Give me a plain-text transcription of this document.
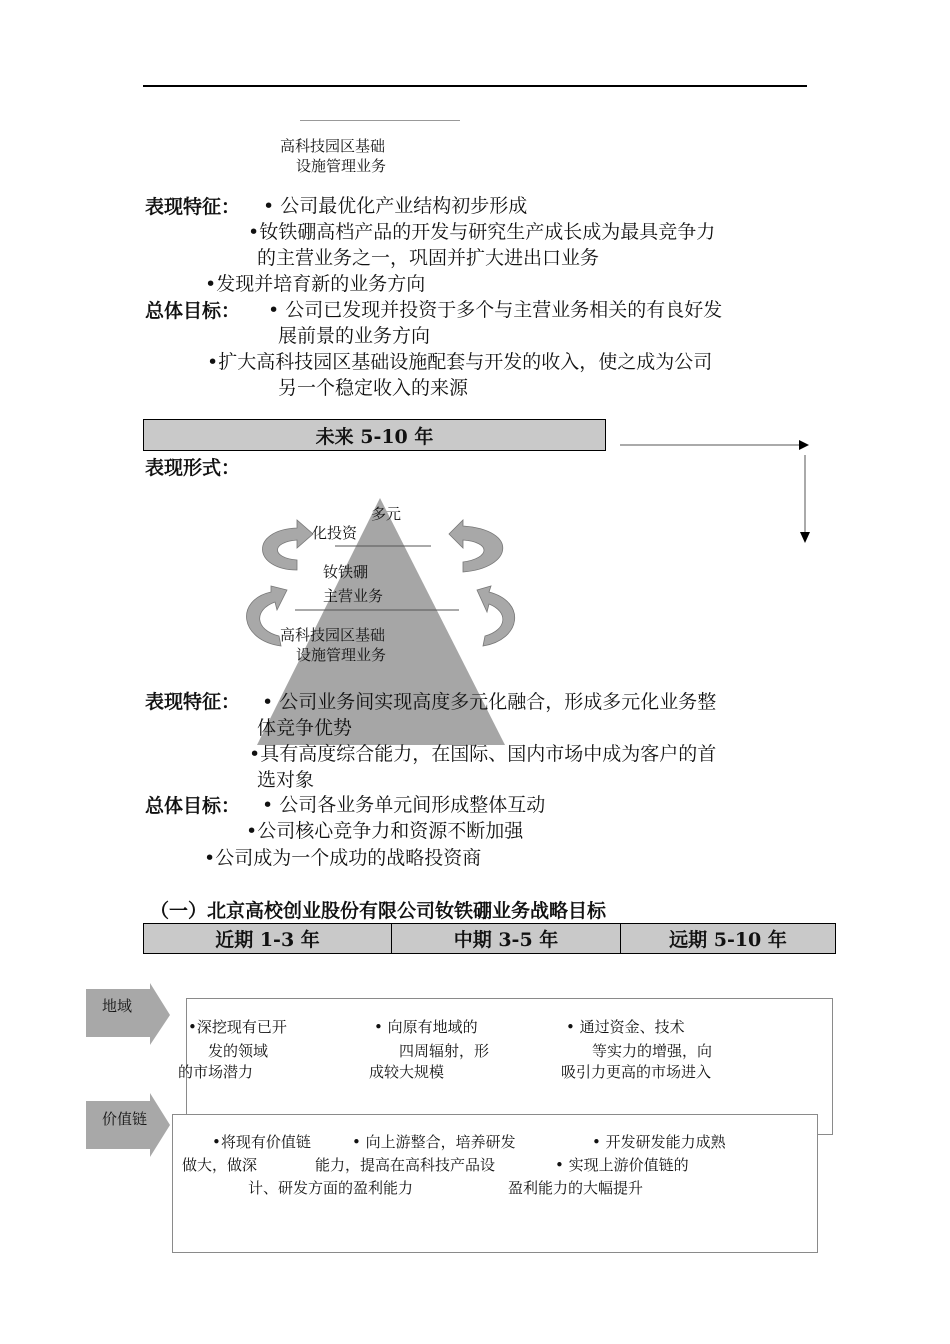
高科技园区基础
设施管理业务
表现特征： • 公司最优化产业结构初步形成
•钕铁硼高档产品的开发与研究生产成长成为最具竞争力
的主营业务之一，巩固并扩大进出口业务
•发现并培育新的业务方向
总体目标： • 公司已发现并投资于多个与主营业务相关的有良好发
展前景的业务方向
•扩大高科技园区基础设施配套与开发的收入，使之成为公司
另一个稳定收入的来源
未来 5-10 年
表现形式：
多元
化投资
钕铁硼
主营业务
高科技园区基础
设施管理业务
表现特征： • 公司业务间实现高度多元化融合，形成多元化业务整
体竞争优势
•具有高度综合能力，在国际、国内市场中成为客户的首
选对象
总体目标： • 公司各业务单元间形成整体互动
•公司核心竞争力和资源不断加强
•公司成为一个成功的战略投资商
（一）北京高校创业股份有限公司钕铁硼业务战略目标
近期 1-3 年	中期 3-5 年	远期 5-10 年
地域
价值链
•深挖现有已开
发的领域
的市场潜力
• 向原有地域的
四周辐射，形
成较大规模
• 通过资金、技术
等实力的增强，向
吸引力更高的市场进入
•将现有价值链
做大，做深
• 向上游整合，培养研发
能力，提高在高科技产品设
计、研发方面的盈利能力
• 开发研发能力成熟
• 实现上游价值链的
盈利能力的大幅提升
